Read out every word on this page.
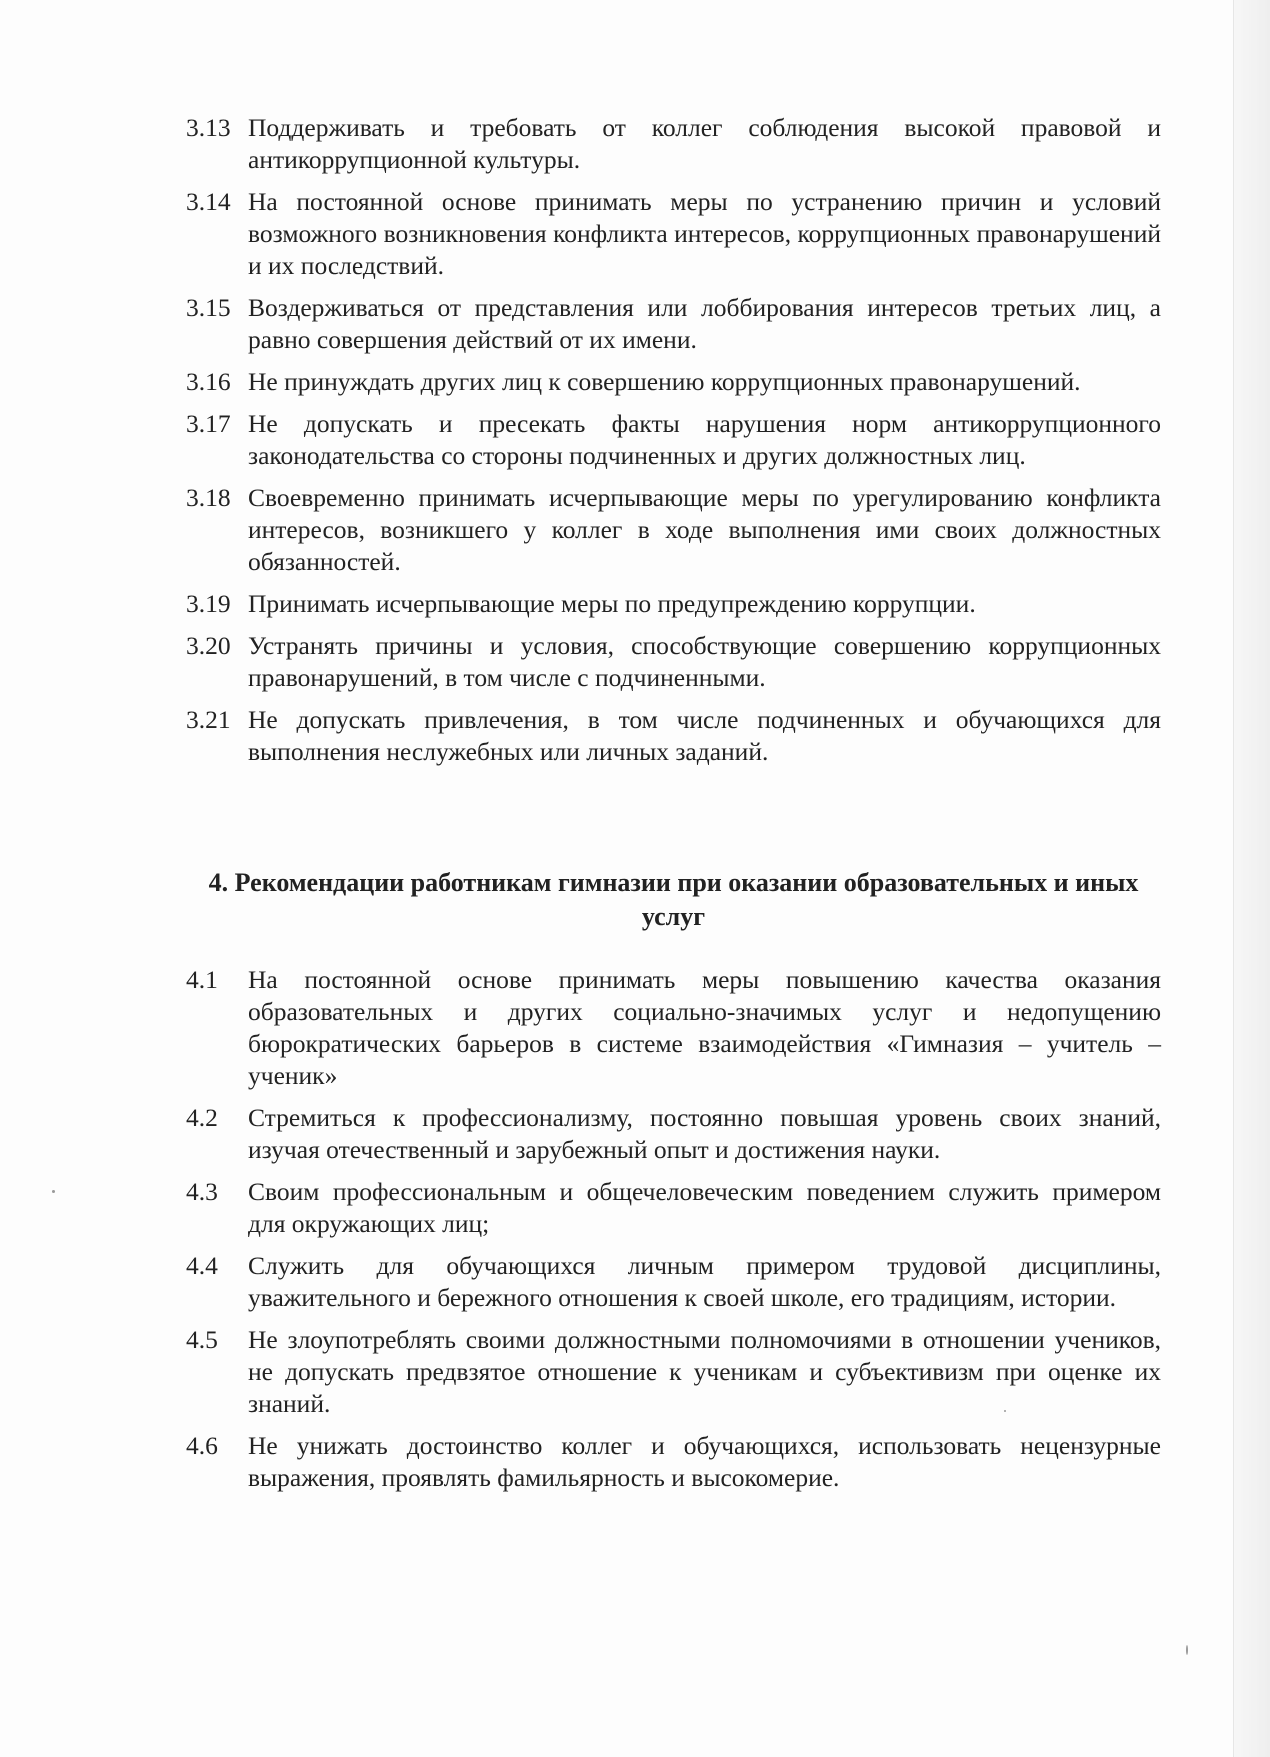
3.13 Поддерживать и требовать от коллег соблюдения высокой правовой и антикоррупционной культуры.
3.14 На постоянной основе принимать меры по устранению причин и условий возможного возникновения конфликта интересов, коррупционных правонарушений и их последствий.
3.15 Воздерживаться от представления или лоббирования интересов третьих лиц, а равно совершения действий от их имени.
3.16 Не принуждать других лиц к совершению коррупционных правонарушений.
3.17 Не допускать и пресекать факты нарушения норм антикоррупционного законодательства со стороны подчиненных и других должностных лиц.
3.18 Своевременно принимать исчерпывающие меры по урегулированию конфликта интересов, возникшего у коллег в ходе выполнения ими своих должностных обязанностей.
3.19 Принимать исчерпывающие меры по предупреждению коррупции.
3.20 Устранять причины и условия, способствующие совершению коррупционных правонарушений, в том числе с подчиненными.
3.21 Не допускать привлечения, в том числе подчиненных и обучающихся для выполнения неслужебных или личных заданий.
4. Рекомендации работникам гимназии при оказании образовательных и иных услуг
4.1	На постоянной основе принимать меры повышению качества оказания образовательных и других социально-значимых услуг и недопущению бюрократических барьеров в системе взаимодействия «Гимназия – учитель – ученик»
4.2	Стремиться к профессионализму, постоянно повышая уровень своих знаний, изучая отечественный и зарубежный опыт и достижения науки.
4.3	Своим профессиональным и общечеловеческим поведением служить примером для окружающих лиц;
4.4	Служить для обучающихся личным примером трудовой дисциплины, уважительного и бережного отношения к своей школе, его традициям, истории.
4.5	Не злоупотреблять своими должностными полномочиями в отношении учеников, не допускать предвзятое отношение к ученикам и субъективизм при оценке их знаний.
4.6	Не унижать достоинство коллег и обучающихся, использовать нецензурные выражения, проявлять фамильярность и высокомерие.
